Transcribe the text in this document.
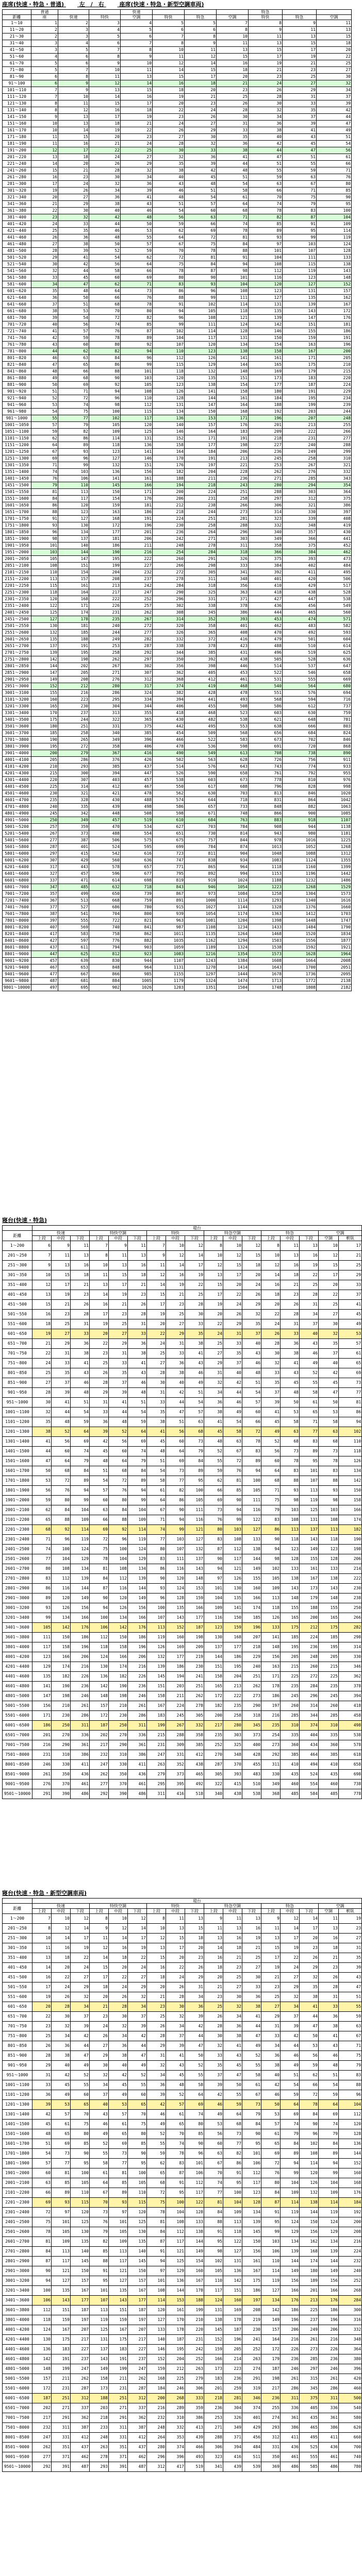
座席(快速・特急・普通)	左　/　右	座席(快速・特急・新型空調車両)
	普通			快速				特急		
距離	座	快速	特快	空調	特快	特急	空調	特快	特急	空調
1～10	1	2	3	4	5	5	7	8	9	11
11～20	2	3	4	5	6	6	8	9	11	13
21～30	2	3	5	6	7	8	10	11	13	15
31～40	3	4	6	7	8	9	11	13	15	18
41～50	3	5	7	8	10	11	13	15	17	20
51～60	4	6	8	9	11	12	15	17	19	22
61～70	5	6	9	10	12	14	16	19	21	25
71～80	5	7	10	11	14	15	18	21	23	27
81～90	6	8	11	13	15	17	20	23	25	30
91～100	6	9	12	14	16	18	21	24	27	32
101～110	7	9	13	15	18	20	23	26	29	34
111～120	7	10	14	16	19	21	25	28	31	37
121～130	8	11	15	17	20	23	26	30	33	39
131～140	8	12	16	18	22	24	28	32	35	42
141～150	9	13	17	19	23	26	30	34	37	44
151～160	10	13	18	21	24	27	31	36	39	47
161～170	10	14	19	22	26	29	33	38	41	49
171～180	11	15	20	23	27	30	35	40	43	51
181～190	11	16	21	24	28	32	36	42	45	54
191～200	12	17	22	25	30	33	38	44	47	56
201～220	13	18	24	27	32	36	41	47	51	61
221～240	14	20	26	29	35	39	44	51	55	66
241～260	15	21	28	32	38	42	48	55	59	71
261～280	16	23	30	34	40	45	51	59	63	76
281～300	17	24	32	36	43	48	54	63	67	80
301～320	19	26	34	39	46	51	58	66	71	85
321～340	20	27	36	41	48	54	61	70	75	90
341～360	21	29	38	43	51	57	64	74	79	95
361～380	22	30	40	46	54	60	68	78	83	100
381～400	23	32	42	48	56	63	71	82	87	104
401～420	24	33	44	50	59	66	74	85	91	109
421～440	25	35	46	53	62	69	78	89	95	114
441～460	26	36	48	55	64	72	81	93	99	119
461～480	27	38	50	57	67	75	84	97	103	124
481～500	28	39	52	59	70	78	88	101	107	128
501～520	29	41	54	62	72	81	91	104	111	133
521～540	30	42	56	64	75	84	94	108	115	138
541～560	32	44	58	66	78	87	98	112	119	143
561～580	33	45	60	69	80	90	101	116	123	148
581～600	34	47	62	71	83	93	104	120	127	152
601～620	35	48	64	73	86	96	108	123	131	157
621～640	36	50	66	76	88	99	111	127	135	162
641～660	37	51	68	78	91	102	114	131	139	167
661～680	38	53	70	80	94	105	118	135	143	172
681～700	39	54	72	82	96	108	121	139	147	176
701～720	40	56	74	85	99	111	124	142	151	181
721～740	41	57	76	87	102	114	128	146	155	186
741～760	42	59	78	89	104	117	131	150	159	191
761～780	43	60	80	92	107	120	134	154	163	196
781～800	44	62	82	94	110	123	138	158	167	200
801～820	46	63	84	96	112	126	141	161	171	205
821～840	47	65	86	99	115	129	144	165	175	210
841～860	48	66	88	101	118	132	148	169	179	215
861～880	49	68	90	103	120	135	151	173	183	220
881～900	50	69	92	105	123	138	154	177	187	224
901～920	51	71	94	108	126	141	158	180	191	229
921～940	52	72	96	110	128	144	161	184	195	234
941～960	53	74	98	112	131	147	164	188	199	239
961～980	54	75	100	115	134	150	168	192	203	244
981～1000	55	77	102	117	136	153	171	196	207	248
1001～1050	57	79	105	120	140	157	176	201	213	255
1051～1100	59	82	109	125	146	164	183	209	222	266
1101～1150	62	86	114	131	152	171	191	218	231	277
1151～1200	64	89	118	136	158	177	198	227	240	288
1201～1250	67	93	123	141	164	184	206	236	249	299
1251～1300	69	96	127	146	170	191	213	245	258	310
1301～1350	71	99	132	151	176	197	221	253	267	321
1351～1400	74	103	136	156	182	204	228	262	276	332
1401～1450	76	106	141	161	188	211	236	271	285	343
1451～1500	79	110	145	166	194	218	243	280	294	354
1501～1550	81	113	150	171	200	224	251	288	303	364
1551～1600	84	117	154	176	206	231	258	297	312	375
1601～1650	86	120	159	181	212	238	266	306	321	386
1651～1700	88	123	163	186	218	244	273	314	330	397
1701～1750	91	127	168	191	224	251	281	323	339	408
1751～1800	93	130	172	196	230	258	288	332	348	419
1801～1850	96	134	177	201	236	264	296	340	357	430
1851～1900	98	137	181	206	242	271	303	349	366	441
1901～1950	101	140	186	211	248	278	311	358	375	452
1951～2000	103	144	190	216	254	284	318	366	384	462
2001～2050	105	147	195	222	260	291	326	375	393	473
2051～2100	108	151	199	227	266	298	333	384	402	484
2101～2150	110	154	204	232	272	305	341	392	411	495
2151～2200	113	157	208	237	278	311	348	401	420	506
2201～2250	115	161	213	242	284	318	356	410	429	517
2251～2300	118	164	217	247	290	325	363	418	438	528
2301～2350	120	168	222	252	296	331	371	427	447	538
2351～2400	122	171	226	257	302	338	378	436	456	549
2401～2450	125	174	231	262	308	345	386	444	465	560
2451～2500	127	178	235	267	314	352	393	453	474	571
2501～2550	130	181	240	272	320	358	401	462	483	582
2551～2600	132	185	244	277	326	365	408	470	492	593
2601～2650	135	188	249	282	332	372	416	479	501	604
2651～2700	137	191	253	287	338	378	423	488	510	614
2701～2750	139	195	258	292	344	385	431	496	519	625
2751～2800	142	198	262	297	350	392	438	505	528	636
2801～2850	144	202	267	302	356	398	446	514	537	647
2851～2900	147	205	271	307	362	405	453	522	546	658
2901～2950	149	208	276	312	368	412	461	531	555	669
2951～3000	152	212	280	317	374	419	468	540	564	680
3001～3100	155	216	286	324	382	428	478	551	576	694
3101～3200	160	223	295	334	394	441	493	568	594	716
3201～3300	165	230	304	344	406	455	508	586	612	737
3301～3400	170	237	313	355	418	468	523	603	630	759
3401～3500	175	244	322	365	430	482	538	621	648	781
3501～3600	180	251	331	375	442	495	553	638	666	803
3601～3700	185	258	340	385	454	509	568	656	684	824
3701～3800	190	265	349	396	466	522	583	673	702	846
3801～3900	195	272	358	406	478	536	598	691	720	868
3901～4000	200	279	367	416	490	549	613	708	738	890
4001～4100	205	286	376	426	502	563	628	726	756	911
4101～4200	210	293	385	437	514	576	643	743	774	933
4201～4300	215	300	394	447	526	590	658	761	792	955
4301～4400	220	307	403	457	538	603	673	778	810	976
4401～4500	225	314	412	467	550	617	688	796	828	998
4501～4600	230	321	421	478	562	630	703	813	846	1020
4601～4700	235	328	430	488	574	644	718	831	864	1042
4701～4800	240	335	439	498	586	657	733	848	882	1063
4801～4900	245	342	448	508	598	671	748	866	900	1085
4901～5000	250	349	457	519	610	684	763	883	918	1107
5001～5200	257	359	470	534	627	703	784	908	944	1138
5201～5400	267	373	488	554	651	730	814	943	980	1181
5401～5600	277	387	506	575	675	757	844	978	1016	1225
5601～5800	287	401	524	595	699	784	874	1013	1052	1268
5801～6000	297	415	542	616	723	811	904	1048	1088	1312
6001～6200	307	429	560	636	747	838	934	1083	1124	1355
6201～6400	317	443	578	657	771	865	964	1118	1160	1399
6401～6600	327	457	596	677	795	892	994	1153	1196	1442
6601～6800	337	471	614	698	819	919	1024	1188	1232	1486
6801～7000	347	485	632	718	843	946	1054	1223	1268	1529
7001～7200	357	499	650	739	867	973	1084	1258	1304	1573
7201～7400	367	513	668	759	891	1000	1114	1293	1340	1616
7401～7600	377	527	686	780	915	1027	1144	1328	1376	1660
7601～7800	387	541	704	800	939	1054	1174	1363	1412	1703
7801～8000	397	555	722	821	963	1081	1204	1398	1448	1747
8001～8200	407	569	740	841	987	1108	1234	1433	1484	1790
8201～8400	417	583	758	862	1011	1135	1264	1468	1520	1834
8401～8600	427	597	776	882	1035	1162	1294	1503	1556	1877
8601～8800	437	611	794	903	1059	1189	1324	1538	1592	1921
8801～9000	447	625	812	923	1083	1216	1354	1573	1628	1964
9001～9200	457	639	830	944	1107	1243	1384	1608	1664	2008
9201～9400	467	653	848	964	1131	1270	1414	1643	1700	2051
9401～9600	477	667	866	985	1155	1297	1444	1678	1736	2095
9601～9800	487	681	884	1005	1179	1324	1474	1713	1772	2138
9801～10000	497	695	902	1026	1203	1351	1504	1748	1808	2182
寝台(快速・特急)
	寝台																
距離	快速			特快空調			特快			特急空調			特急			空調	
	上段	中段	下段	上段	中段	下段	上段	中段	下段	上段	中段	下段	上段	中段	下段	空調	軟臥
1～200	6	9	11	7	9	11	7	10	12	8	10	12	8	11	13	10	17
201～250	7	11	13	8	11	13	9	12	14	10	12	15	10	13	16	12	21
251～300	9	13	16	10	13	16	11	14	17	12	15	18	12	16	19	15	25
301～350	10	15	18	11	15	18	12	16	19	13	17	20	14	18	22	17	29
351～400	12	17	21	13	17	21	14	19	22	15	20	24	16	21	25	20	33
401～450	13	19	23	14	19	23	15	21	25	17	22	26	18	23	28	22	37
451～500	15	21	26	16	21	26	17	23	28	19	24	29	20	26	31	25	41
501～550	16	23	28	17	23	28	19	25	30	20	26	32	22	28	34	27	45
551～600	18	25	31	19	25	31	20	27	33	22	29	35	24	31	37	30	49
601～650	19	27	33	20	27	33	22	29	35	24	31	37	26	33	40	32	53
651～700	21	29	36	22	29	36	24	31	38	25	33	40	28	36	43	35	57
701～750	22	31	38	23	31	38	25	33	41	27	35	43	30	38	46	37	61
751～800	24	33	41	25	33	41	27	36	43	29	37	46	32	41	49	40	65
801～850	25	35	43	26	35	43	28	38	46	31	40	48	33	43	52	42	69
851～900	27	37	46	28	37	46	30	40	49	32	42	51	35	45	55	45	73
901～950	28	39	48	29	39	48	31	42	51	34	44	54	37	48	58	47	77
951～1000	30	41	51	31	41	51	33	44	54	36	46	57	39	50	61	50	81
1001～1100	32	44	54	33	44	54	35	47	57	38	49	60	41	53	65	53	86
1101～1200	35	48	59	36	48	59	38	51	63	41	54	66	45	58	71	58	94
1201～1300	38	52	64	39	52	64	41	56	68	45	58	72	49	63	77	63	102
1301～1400	41	56	69	42	56	69	45	60	73	48	63	78	52	68	83	68	110
1401～1500	44	60	74	45	60	74	48	64	79	52	67	83	56	73	89	73	118
1501～1600	47	64	79	48	64	79	51	69	84	55	72	89	60	78	95	78	126
1601～1700	50	68	84	51	68	84	54	73	89	59	76	94	64	83	101	83	134
1701～1800	53	72	89	54	72	89	58	77	95	62	81	100	68	88	107	88	142
1801～1900	56	76	94	57	76	94	61	82	100	66	85	105	71	93	113	93	150
1901～2000	59	80	99	60	80	99	64	86	105	69	90	111	75	98	119	98	158
2001～2100	62	84	104	63	84	104	67	90	111	73	94	116	79	103	125	103	166
2101～2200	65	88	109	66	88	109	71	94	116	76	99	122	83	108	131	108	174
2201～2300	68	92	114	69	92	114	74	99	121	80	103	127	86	113	137	113	182
2301～2400	71	96	119	72	96	119	77	103	127	83	108	133	90	118	143	118	190
2401～2500	74	100	124	75	100	124	80	107	132	87	112	138	94	123	149	123	198
2501～2600	77	104	129	78	104	129	83	111	137	90	117	144	98	128	155	128	206
2601～2700	80	108	134	81	108	134	86	116	143	94	121	149	102	133	161	133	214
2701～2800	83	112	139	84	112	139	90	120	148	97	126	155	105	138	167	138	222
2801～2900	86	116	144	87	116	144	93	124	153	101	130	160	109	143	173	143	230
2901～3000	89	120	149	90	120	149	96	128	159	104	135	166	113	148	179	148	238
3001～3200	93	126	156	94	126	156	100	135	166	109	141	174	118	155	188	155	250
3201～3400	99	134	166	100	134	166	107	143	177	116	150	185	126	165	200	165	266
3401～3600	105	142	176	106	142	176	113	152	187	123	159	196	133	175	212	175	282
3601～3800	111	150	186	112	150	186	119	160	198	130	168	207	141	185	224	185	298
3801～4000	117	158	196	118	158	196	126	169	209	137	177	218	148	195	236	195	314
4001～4200	123	166	206	124	166	206	132	177	219	144	186	229	156	205	248	205	330
4201～4400	129	174	216	130	174	216	139	186	230	151	195	240	163	215	260	215	346
4401～4600	135	182	226	136	182	226	145	194	241	158	204	251	171	225	272	225	362
4601～4800	141	190	236	142	190	236	151	203	251	165	213	262	178	235	284	235	378
4801～5000	147	198	246	148	198	246	158	211	262	172	222	273	186	245	296	245	394
5001～5500	156	210	261	157	210	261	167	224	278	182	235	290	197	260	314	260	418
5501～6000	171	230	286	172	230	286	183	245	305	200	258	318	216	285	344	285	458
6001～6500	186	250	311	187	250	311	199	267	332	217	280	345	235	310	374	310	498
6501～7000	201	270	336	202	270	336	215	288	358	235	303	373	254	335	404	335	538
7001～7500	216	290	361	217	290	361	231	309	385	252	325	400	273	360	434	360	578
7501～8000	231	310	386	232	310	386	247	331	412	270	348	428	292	385	464	385	618
8001～8500	246	330	411	247	330	411	263	352	438	287	370	455	311	410	494	410	658
8501～9000	261	350	436	262	350	436	279	373	465	305	393	483	330	435	524	435	698
9001～9500	276	370	461	277	370	461	295	395	492	322	415	510	349	460	554	460	738
9501～10000	291	390	486	292	390	486	311	416	518	340	438	538	368	485	584	485	778
寝台(快速・特急・新型空調車両)
	寝台																
距離	快速			特快空調			特快			特急空調			特急			空調	
	上段	中段	下段	上段	中段	下段	上段	中段	下段	上段	中段	下段	上段	中段	下段	空調	軟臥
1～200	7	10	12	8	10	12	8	11	13	9	11	13	9	12	14	11	19
201～250	8	12	14	9	12	14	10	13	15	11	13	16	11	14	17	13	23
251～300	10	14	17	11	14	17	12	15	18	13	16	19	13	17	20	16	27
301～350	11	16	19	12	16	19	13	17	20	14	18	21	15	19	23	18	31
351～400	13	18	22	14	18	22	15	20	23	16	21	25	17	22	26	21	35
401～450	14	20	24	15	20	24	16	22	26	18	23	27	19	24	29	23	39
451～500	16	22	27	17	22	27	18	24	29	20	25	30	21	27	32	26	43
501～550	17	24	29	18	24	29	20	26	31	21	27	33	23	29	35	28	47
551～600	19	26	32	20	26	32	21	28	34	23	30	36	25	32	38	31	51
601～650	20	28	34	21	28	34	23	30	36	25	32	38	27	34	41	33	55
651～700	22	30	37	23	30	37	25	32	39	26	34	41	29	37	44	36	59
701～750	23	32	39	24	32	39	26	34	42	28	36	44	31	39	47	38	63
751～800	25	34	42	26	34	42	28	37	44	30	38	47	33	42	50	41	67
801～850	26	36	44	27	36	44	29	39	47	32	41	49	34	44	53	43	71
851～900	28	38	47	29	38	47	31	41	50	33	43	52	36	46	56	46	75
901～950	29	40	49	30	40	49	32	43	52	35	45	55	38	49	59	48	79
951～1000	31	42	52	32	42	52	34	45	55	37	47	58	40	51	62	51	83
1001～1100	33	45	55	34	45	55	36	48	58	39	50	61	42	54	66	54	88
1101～1200	36	49	60	37	49	60	39	52	64	42	55	67	46	59	72	59	96
1201～1300	39	53	65	40	53	65	42	57	69	46	59	73	50	64	78	64	104
1301～1400	42	57	70	43	57	70	46	61	74	49	64	79	53	69	84	69	112
1401～1500	45	61	75	46	61	75	49	65	80	53	68	84	57	74	90	74	120
1501～1600	48	65	80	49	65	80	52	70	85	56	73	90	61	79	96	79	128
1601～1700	51	69	85	52	69	85	55	74	90	60	77	95	65	84	102	84	136
1701～1800	54	73	90	55	73	90	59	78	96	63	82	101	69	89	108	89	144
1801～1900	57	77	95	58	77	95	62	83	101	67	86	106	72	94	114	94	152
1901～2000	60	81	100	61	81	100	65	87	106	70	91	112	76	99	120	99	160
2001～2100	63	85	105	64	85	105	68	91	112	74	95	117	80	104	126	104	168
2101～2200	66	89	110	67	89	110	72	95	117	77	100	123	84	109	132	109	176
2201～2300	69	93	115	70	93	115	75	100	122	81	104	128	87	114	138	114	184
2301～2400	72	97	120	73	97	120	78	104	128	84	109	134	91	119	144	119	192
2401～2500	75	101	125	76	101	125	81	108	133	88	113	139	95	124	150	124	200
2501～2600	78	105	130	79	105	130	84	112	138	91	118	145	99	129	156	129	208
2601～2700	81	109	135	82	109	135	87	117	144	95	122	150	103	134	162	134	216
2701～2800	84	113	140	85	113	140	91	121	149	98	127	156	106	139	168	139	224
2801～2900	87	117	145	88	117	145	94	125	154	102	131	161	110	144	174	144	232
2901～3000	90	121	150	91	121	150	97	129	160	105	136	167	114	149	180	149	240
3001～3200	94	127	157	95	127	157	101	136	167	110	142	175	119	156	189	156	252
3201～3400	100	135	167	101	135	167	108	144	178	117	151	186	127	166	201	166	268
3401～3600	106	143	177	107	143	177	114	153	188	124	160	197	134	176	213	176	284
3601～3800	112	151	187	113	151	187	120	161	199	131	169	208	142	186	225	186	300
3801～4000	118	159	197	119	159	197	127	170	210	138	178	219	149	196	237	196	316
4001～4200	124	167	207	125	167	207	133	178	220	145	187	230	157	206	249	206	332
4201～4400	130	175	217	131	175	217	140	187	231	152	196	241	164	216	261	216	348
4401～4600	136	183	227	137	183	227	146	195	242	159	205	252	172	226	273	226	364
4601～4800	142	191	237	143	191	237	152	204	252	166	214	263	179	236	285	236	380
4801～5000	148	199	247	149	199	247	159	212	263	173	223	274	187	246	297	246	396
5001～5500	157	211	262	158	211	262	168	225	279	183	236	291	198	261	315	261	420
5501～6000	172	231	287	173	231	287	184	246	306	201	259	319	217	286	345	286	460
6001～6500	187	251	312	188	251	312	200	268	333	218	281	346	236	311	375	311	500
6501～7000	202	271	337	203	271	337	216	289	359	236	304	374	255	336	405	336	540
7001～7500	217	291	362	218	291	362	232	310	386	253	326	401	274	361	435	361	580
7501～8000	232	311	387	233	311	387	248	332	413	271	349	429	293	386	465	386	620
8001～8500	247	331	412	248	331	412	264	353	439	288	371	456	312	411	495	411	660
8501～9000	262	351	437	263	351	437	280	374	466	306	394	484	331	436	525	436	700
9001～9500	277	371	462	278	371	462	296	396	493	323	416	511	350	461	555	461	740
9501～10000	292	391	487	293	391	487	312	417	519	341	439	539	369	486	585	486	780
